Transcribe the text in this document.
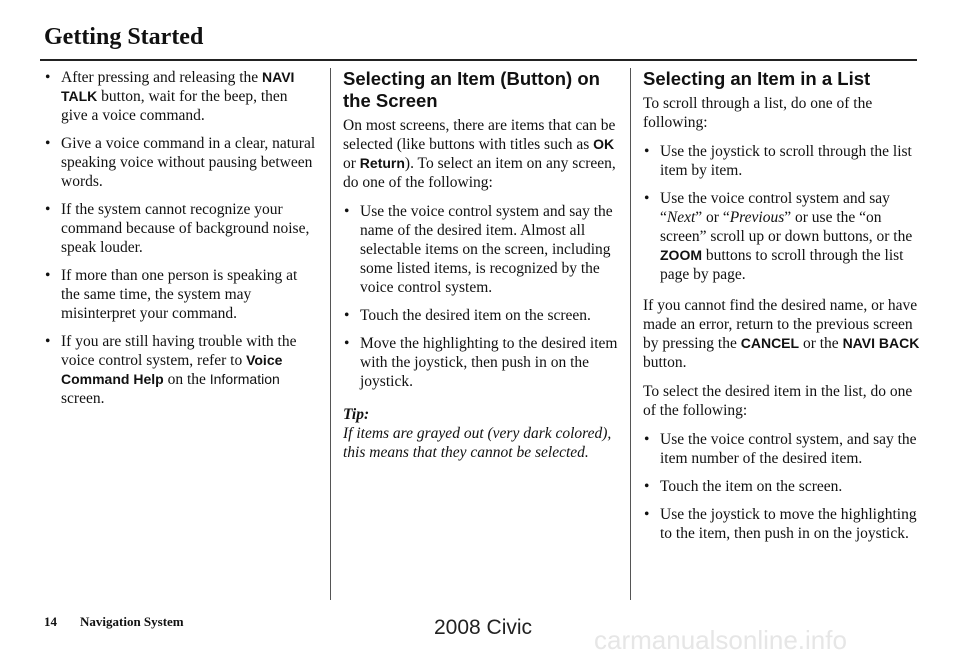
Getting Started
• After pressing and releasing the NAVI TALK button, wait for the beep, then give a voice command.
• Give a voice command in a clear, natural speaking voice without pausing between words.
• If the system cannot recognize your command because of background noise, speak louder.
• If more than one person is speaking at the same time, the system may misinterpret your command.
• If you are still having trouble with the voice control system, refer to Voice Command Help on the Information screen.
Selecting an Item (Button) on the Screen

On most screens, there are items that can be selected (like buttons with titles such as OK or Return). To select an item on any screen, do one of the following:

• Use the voice control system and say the name of the desired item. Almost all selectable items on the screen, including some listed items, is recognized by the voice control system.
• Touch the desired item on the screen.
• Move the highlighting to the desired item with the joystick, then push in on the joystick.

Tip:

If items are grayed out (very dark colored), this means that they cannot be selected.

Selecting an Item in a List

To scroll through a list, do one of the following:

• Use the joystick to scroll through the list item by item.
• Use the voice control system and say “Next” or “Previous” or use the “on screen” scroll up or down buttons, or the ZOOM buttons to scroll through the list page by page.

If you cannot find the desired name, or have made an error, return to the previous screen by pressing the CANCEL or the NAVI BACK button.

To select the desired item in the list, do one of the following:

• Use the voice control system, and say the item number of the desired item.
• Touch the item on the screen.
• Use the joystick to move the highlighting to the item, then push in on the joystick.
14 Navigation System	2008 Civic carmanualsonline.info
